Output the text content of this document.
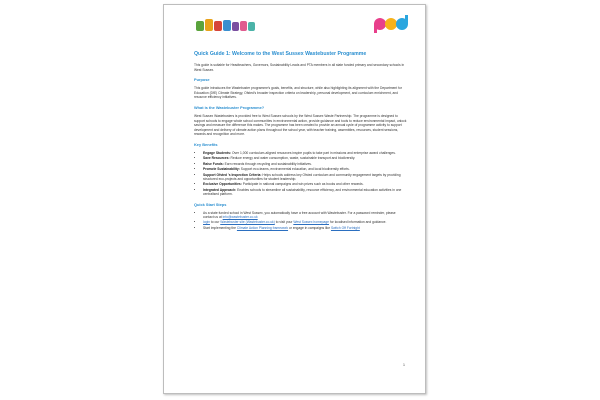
Quick Guide 1: Welcome to the West Sussex Wastebuster Programme

This guide is suitable for Headteachers, Governors, Sustainability Leads and PTA members in all state funded primary and secondary schools in West Sussex.

Purpose

This guide introduces the Wastebuster programme's goals, benefits, and structure, while also highlighting its alignment with the Department for Education (DfE) Climate Strategy, Ofsted's broader inspection criteria on leadership, personal development, and curriculum enrichment, and resource efficiency initiatives.

What is the Wastebuster Programme?

West Sussex Wastebusters is provided free to West Sussex schools by the West Sussex Waste Partnership. The programme is designed to support schools to engage whole school communities in environmental action, provide guidance and tools to reduce environmental impact, unlock savings and measure the difference this makes. The programme has been created to provide an annual cycle of programme activity to support development and delivery of climate action plans throughout the school year, with teacher training, assemblies, resources, student sessions, rewards and recognition and more.

Key Benefits
• Engage Students: Over 1,000 curriculum-aligned resources inspire pupils to take part in missions and enterprise award challenges.
• Save Resources: Reduce energy and water consumption, waste, sustainable transport and biodiversity.
• Raise Funds: Earn rewards through recycling and sustainability initiatives.
• Promote Sustainability: Support eco-teams, environmental education, and local biodiversity efforts.
• Support Ofsted 's Inspection Criteria: Helps schools address key Ofsted curriculum and community engagement targets by providing structured eco-projects and opportunities for student leadership.
• Exclusive Opportunities: Participate in national campaigns and win prizes such as books and other rewards.
• Integrated Approach: Enables schools to streamline all sustainability, resource efficiency, and environmental education activities in one centralised platform.
Quick Start Steps
• As a state funded school in West Sussex, you automatically have a free account with Wastebuster. For a password reminder, please contact us at info@wastebuster.co.uk
• login to our Wastebuster site (Wastebuster.co.uk) to visit your West Sussex homepage for localised information and guidance.
• Start implementing the Climate Action Planning framework or engage in campaigns like Switch Off Fortnight
1
